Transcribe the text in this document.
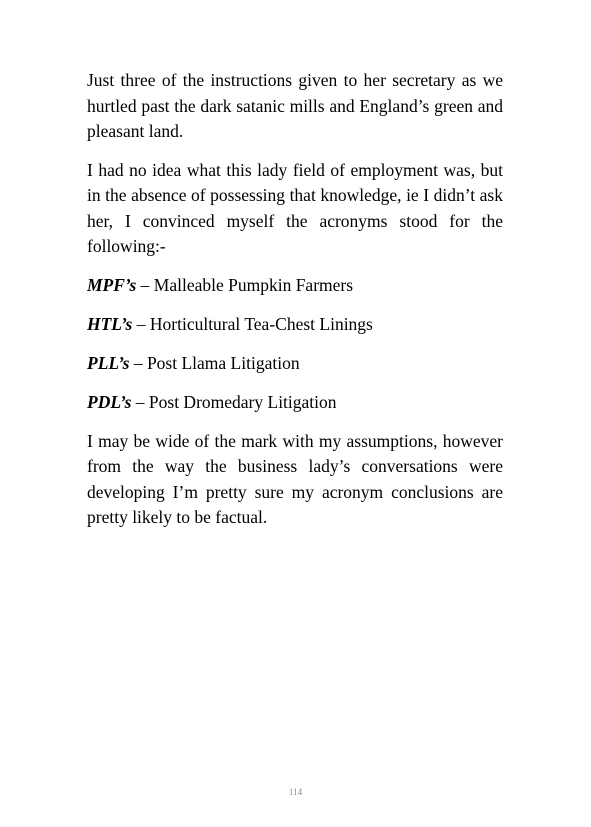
Just three of the instructions given to her secretary as we hurtled past the dark satanic mills and England’s green and pleasant land.

I had no idea what this lady field of employment was, but in the absence of possessing that knowledge, ie I didn’t ask her, I convinced myself the acronyms stood for the following:-

MPF’s – Malleable Pumpkin Farmers

HTL’s – Horticultural Tea-Chest Linings

PLL’s – Post Llama Litigation

PDL’s – Post Dromedary Litigation

I may be wide of the mark with my assumptions, however from the way the business lady’s conversations were developing I’m pretty sure my acronym conclusions are pretty likely to be factual.

114
